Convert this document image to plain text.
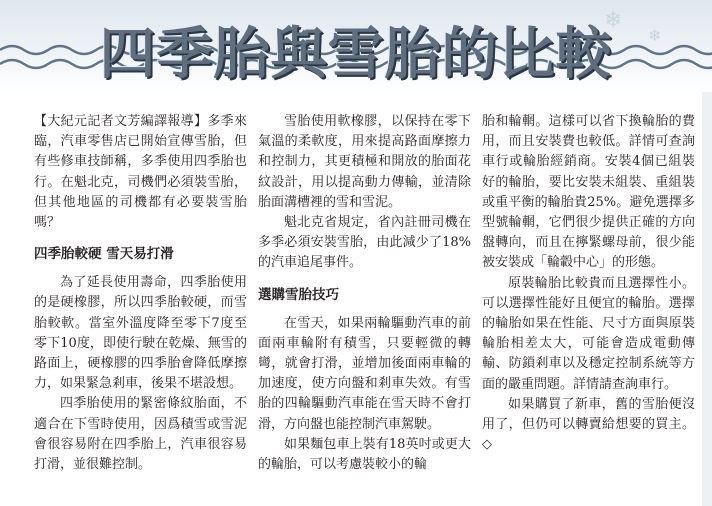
❄
❄
四季胎與雪胎的比較

【大紀元記者文芳編譯報導】多季來臨，汽車零售店已開始宣傳雪胎，但有些修車技師稱，多季使用四季胎也行。在魁北克，司機們必須裝雪胎，但其他地區的司機都有必要裝雪胎嗎？

四季胎較硬 雪天易打滑

為了延長使用壽命，四季胎使用的是硬橡膠，所以四季胎較硬，而雪胎較軟。當室外溫度降至零下7度至零下10度，即使行駛在乾燥、無雪的路面上，硬橡膠的四季胎會降低摩擦力，如果緊急剎車，後果不堪設想。

四季胎使用的緊密條紋胎面，不適合在下雪時使用，因爲積雪或雪泥會很容易附在四季胎上，汽車很容易打滑，並很難控制。

雪胎使用軟橡膠，以保持在零下氣溫的柔軟度，用來提高路面摩擦力和控制力，其更積極和開放的胎面花紋設計，用以提高動力傳輸，並清除胎面溝槽裡的雪和雪泥。

魁北克省規定，省內註冊司機在多季必須安裝雪胎，由此減少了18%的汽車追尾事件。

選購雪胎技巧

在雪天，如果兩輪驅動汽車的前面兩車輪附有積雪，只要輕微的轉彎，就會打滑，並增加後面兩車輪的加速度，使方向盤和剎車失效。有雪胎的四輪驅動汽車能在雪天時不會打滑，方向盤也能控制汽車駕駛。

如果麵包車上裝有18英吋或更大的輪胎，可以考慮裝較小的輪

胎和輪輞。這樣可以省下換輪胎的費用，而且安裝費也較低。詳情可查詢車行或輪胎經銷商。安裝4個已組裝好的輪胎，要比安裝未組裝、重組裝或重平衡的輪胎貴25%。避免選擇多型號輪輞，它們很少提供正確的方向盤轉向，而且在擰緊螺母前，很少能被安裝成「輪轂中心」的形態。

原裝輪胎比較貴而且選擇性小。可以選擇性能好且便宜的輪胎。選擇的輪胎如果在性能、尺寸方面與原裝輪胎相差太大，可能會造成電動傳輸、防鎖剎車以及穩定控制系統等方面的嚴重問題。詳情請查詢車行。

如果購買了新車，舊的雪胎便沒用了，但仍可以轉賣給想要的買主。◇
